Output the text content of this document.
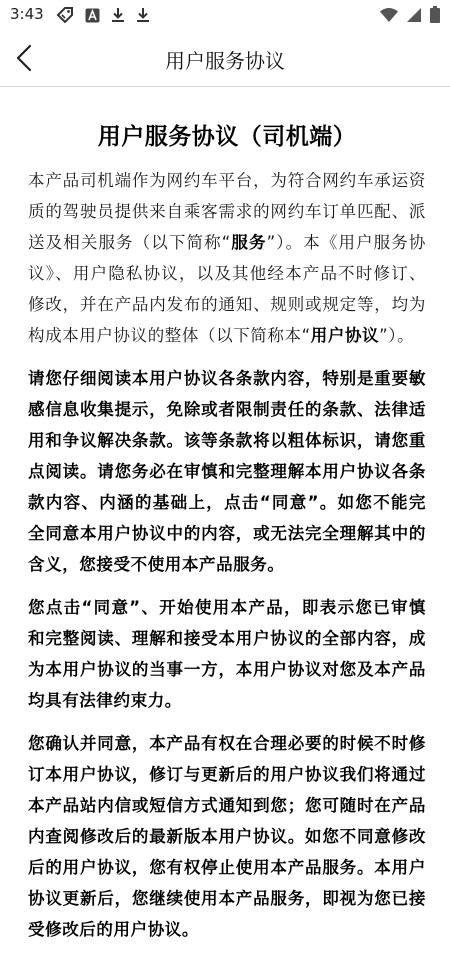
3:43
用户服务协议
用户服务协议（司机端）

本产品司机端作为网约车平台，为符合网约车承运资质的驾驶员提供来自乘客需求的网约车订单匹配、派送及相关服务（以下简称“服务”）。本《用户服务协议》、用户隐私协议，以及其他经本产品不时修订、修改，并在产品内发布的通知、规则或规定等，均为构成本用户协议的整体（以下简称本“用户协议”）。

请您仔细阅读本用户协议各条款内容，特别是重要敏感信息收集提示，免除或者限制责任的条款、法律适用和争议解决条款。该等条款将以粗体标识，请您重点阅读。请您务必在审慎和完整理解本用户协议各条款内容、内涵的基础上，点击“同意”。如您不能完全同意本用户协议中的内容，或无法完全理解其中的含义，您接受不使用本产品服务。

您点击“同意”、开始使用本产品，即表示您已审慎和完整阅读、理解和接受本用户协议的全部内容，成为本用户协议的当事一方，本用户协议对您及本产品均具有法律约束力。

您确认并同意，本产品有权在合理必要的时候不时修订本用户协议，修订与更新后的用户协议我们将通过本产品站内信或短信方式通知到您；您可随时在产品内查阅修改后的最新版本用户协议。如您不同意修改后的用户协议，您有权停止使用本产品服务。本用户协议更新后，您继续使用本产品服务，即视为您已接受修改后的用户协议。
